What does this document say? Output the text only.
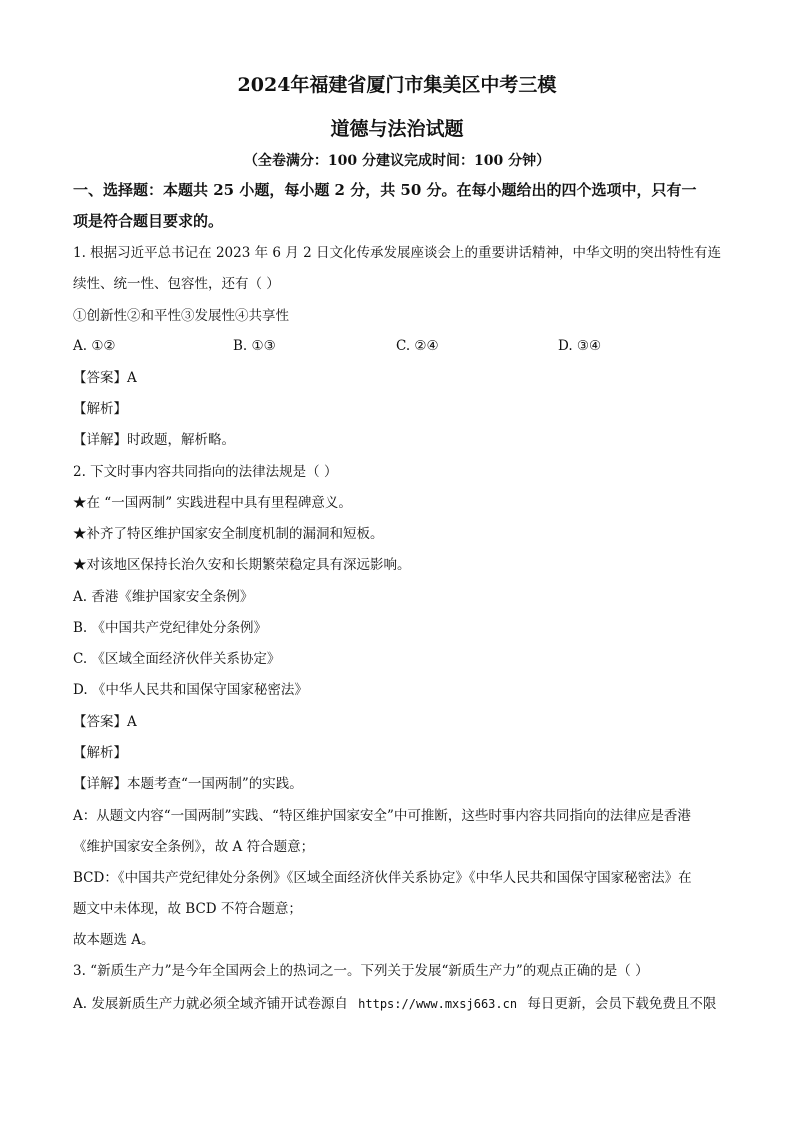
2024年福建省厦门市集美区中考三模
道德与法治试题
（全卷满分：100 分建议完成时间：100 分钟）
一、选择题：本题共 25 小题，每小题 2 分，共 50 分。在每小题给出的四个选项中，只有一
项是符合题目要求的。
1. 根据习近平总书记在 2023 年 6 月 2 日文化传承发展座谈会上的重要讲话精神，中华文明的突出特性有连
续性、统一性、包容性，还有（ ）
①创新性②和平性③发展性④共享性
A. ①②	B. ①③	C. ②④	D. ③④
【答案】A
【解析】
【详解】时政题，解析略。
2. 下文时事内容共同指向的法律法规是（ ）
★在 “一国两制” 实践进程中具有里程碑意义。
★补齐了特区维护国家安全制度机制的漏洞和短板。
★对该地区保持长治久安和长期繁荣稳定具有深远影响。
A. 香港《维护国家安全条例》
B. 《中国共产党纪律处分条例》
C. 《区域全面经济伙伴关系协定》
D. 《中华人民共和国保守国家秘密法》
【答案】A
【解析】
【详解】本题考查“一国两制”的实践。
A：从题文内容“一国两制”实践、“特区维护国家安全”中可推断，这些时事内容共同指向的法律应是香港
《维护国家安全条例》，故 A 符合题意；
BCD：《中国共产党纪律处分条例》《区域全面经济伙伴关系协定》《中华人民共和国保守国家秘密法》在
题文中未体现，故 BCD 不符合题意；
故本题选 A。
3. “新质生产力”是今年全国两会上的热词之一。下列关于发展“新质生产力”的观点正确的是（ ）
A. 发展新质生产力就必须全域齐铺开试卷源自 https://www.mxsj663.cn 每日更新，会员下载免费且不限
